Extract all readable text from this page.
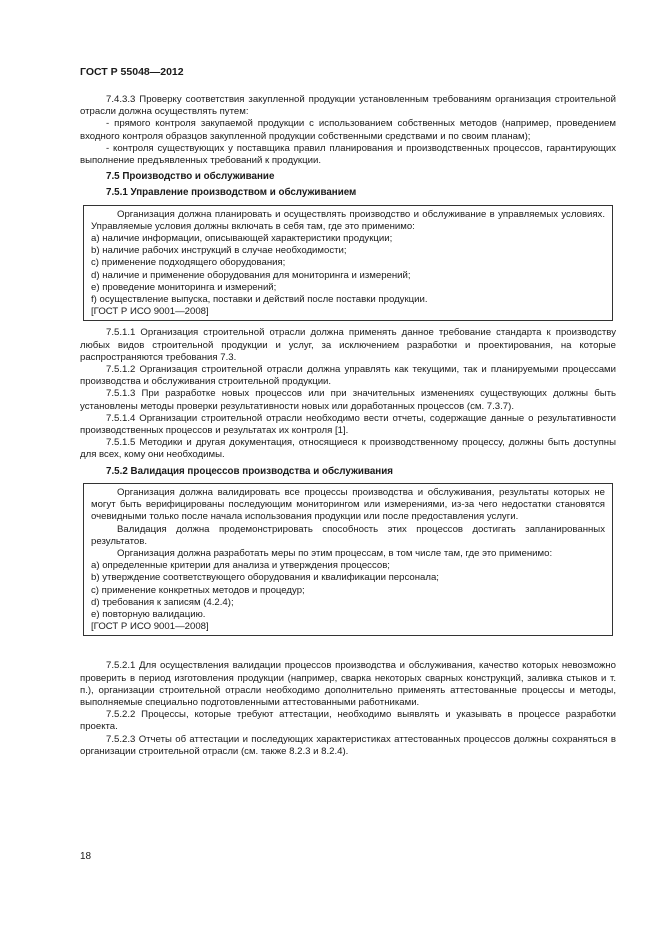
ГОСТ Р 55048—2012

7.4.3.3 Проверку соответствия закупленной продукции установленным требованиям организация строительной отрасли должна осуществлять путем:

- прямого контроля закупаемой продукции с использованием собственных методов (например, проведением входного контроля образцов закупленной продукции собственными средствами и по своим планам);

- контроля существующих у поставщика правил планирования и производственных процессов, гарантирующих выполнение предъявленных требований к продукции.

7.5 Производство и обслуживание
7.5.1 Управление производством и обслуживанием

Организация должна планировать и осуществлять производство и обслуживание в управляемых условиях. Управляемые условия должны включать в себя там, где это применимо:

a) наличие информации, описывающей характеристики продукции;

b) наличие рабочих инструкций в случае необходимости;

c) применение подходящего оборудования;

d) наличие и применение оборудования для мониторинга и измерений;

e) проведение мониторинга и измерений;

f) осуществление выпуска, поставки и действий после поставки продукции.

[ГОСТ Р ИСО 9001—2008]

7.5.1.1 Организация строительной отрасли должна применять данное требование стандарта к производству любых видов строительной продукции и услуг, за исключением разработки и проектирования, на которые распространяются требования 7.3.

7.5.1.2 Организация строительной отрасли должна управлять как текущими, так и планируемыми процессами производства и обслуживания строительной продукции.

7.5.1.3 При разработке новых процессов или при значительных изменениях существующих должны быть установлены методы проверки результативности новых или доработанных процессов (см. 7.3.7).

7.5.1.4 Организации строительной отрасли необходимо вести отчеты, содержащие данные о результативности производственных процессов и результатах их контроля [1].

7.5.1.5 Методики и другая документация, относящиеся к производственному процессу, должны быть доступны для всех, кому они необходимы.

7.5.2 Валидация процессов производства и обслуживания

Организация должна валидировать все процессы производства и обслуживания, результаты которых не могут быть верифицированы последующим мониторингом или измерениями, из-за чего недостатки становятся очевидными только после начала использования продукции или после предоставления услуги.

Валидация должна продемонстрировать способность этих процессов достигать запланированных результатов.

Организация должна разработать меры по этим процессам, в том числе там, где это применимо:

a) определенные критерии для анализа и утверждения процессов;

b) утверждение соответствующего оборудования и квалификации персонала;

c) применение конкретных методов и процедур;

d) требования к записям (4.2.4);

e) повторную валидацию.

[ГОСТ Р ИСО 9001—2008]

7.5.2.1 Для осуществления валидации процессов производства и обслуживания, качество которых невозможно проверить в период изготовления продукции (например, сварка некоторых сварных конструкций, заливка стыков и т. п.), организации строительной отрасли необходимо дополнительно применять аттестованные процессы и методы, выполняемые специально подготовленными аттестованными работниками.

7.5.2.2 Процессы, которые требуют аттестации, необходимо выявлять и указывать в процессе разработки проекта.

7.5.2.3 Отчеты об аттестации и последующих характеристиках аттестованных процессов должны сохраняться в организации строительной отрасли (см. также 8.2.3 и 8.2.4).

18
